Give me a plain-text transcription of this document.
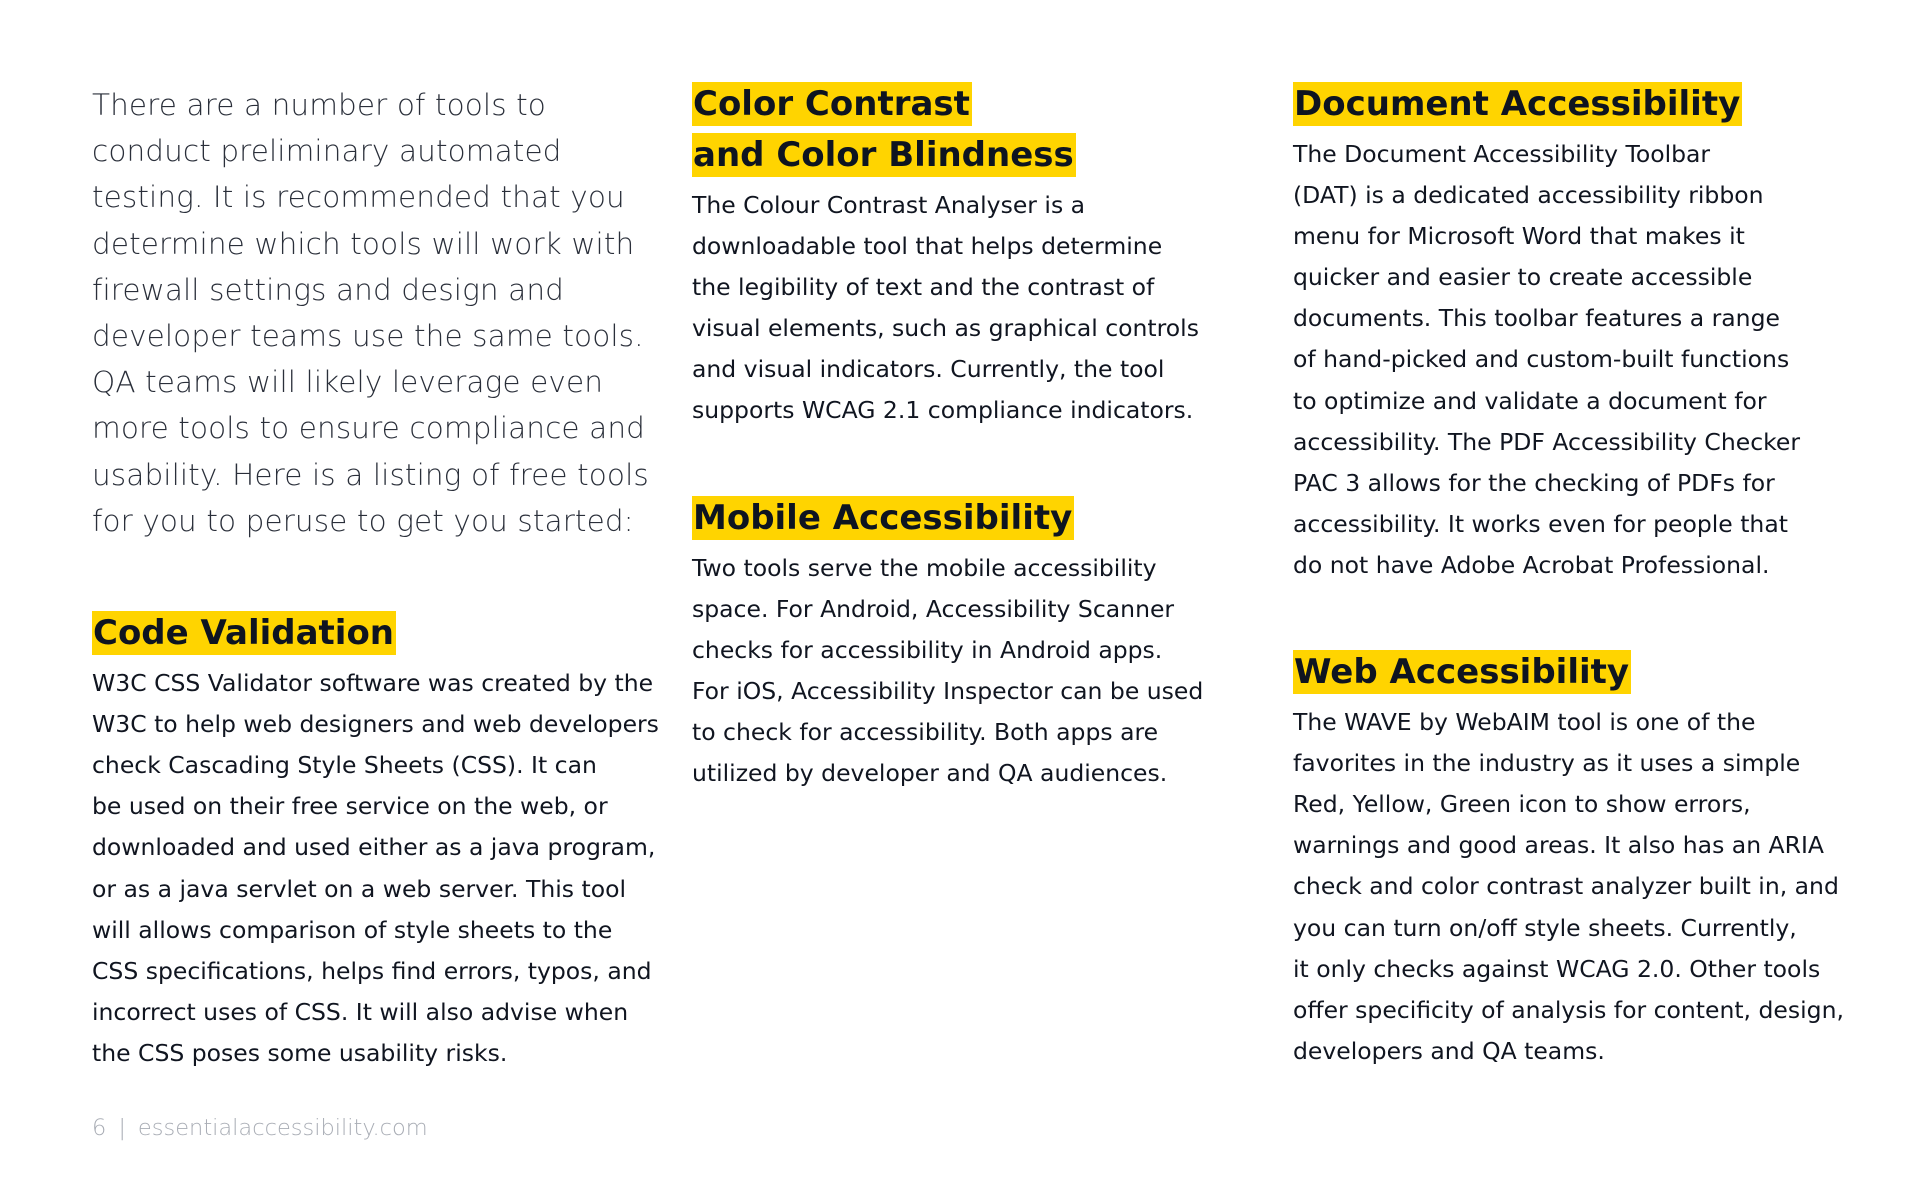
There are a number of tools to
conduct preliminary automated
testing. It is recommended that you
determine which tools will work with
firewall settings and design and
developer teams use the same tools.
QA teams will likely leverage even
more tools to ensure compliance and
usability. Here is a listing of free tools
for you to peruse to get you started:

Code Validation

W3C CSS Validator software was created by the
W3C to help web designers and web developers
check Cascading Style Sheets (CSS). It can
be used on their free service on the web, or
downloaded and used either as a java program,
or as a java servlet on a web server. This tool
will allows comparison of style sheets to the
CSS specifications, helps find errors, typos, and
incorrect uses of CSS. It will also advise when
the CSS poses some usability risks.

Color Contrast
and Color Blindness

The Colour Contrast Analyser is a
downloadable tool that helps determine
the legibility of text and the contrast of
visual elements, such as graphical controls
and visual indicators. Currently, the tool
supports WCAG 2.1 compliance indicators.

Mobile Accessibility

Two tools serve the mobile accessibility
space. For Android, Accessibility Scanner
checks for accessibility in Android apps.
For iOS, Accessibility Inspector can be used
to check for accessibility. Both apps are
utilized by developer and QA audiences.

Document Accessibility

The Document Accessibility Toolbar
(DAT) is a dedicated accessibility ribbon
menu for Microsoft Word that makes it
quicker and easier to create accessible
documents. This toolbar features a range
of hand-picked and custom-built functions
to optimize and validate a document for
accessibility. The PDF Accessibility Checker
PAC 3 allows for the checking of PDFs for
accessibility. It works even for people that
do not have Adobe Acrobat Professional.

Web Accessibility

The WAVE by WebAIM tool is one of the
favorites in the industry as it uses a simple
Red, Yellow, Green icon to show errors,
warnings and good areas. It also has an ARIA
check and color contrast analyzer built in, and
you can turn on/off style sheets. Currently,
it only checks against WCAG 2.0. Other tools
offer specificity of analysis for content, design,
developers and QA teams.

6 | essentialaccessibility.com
